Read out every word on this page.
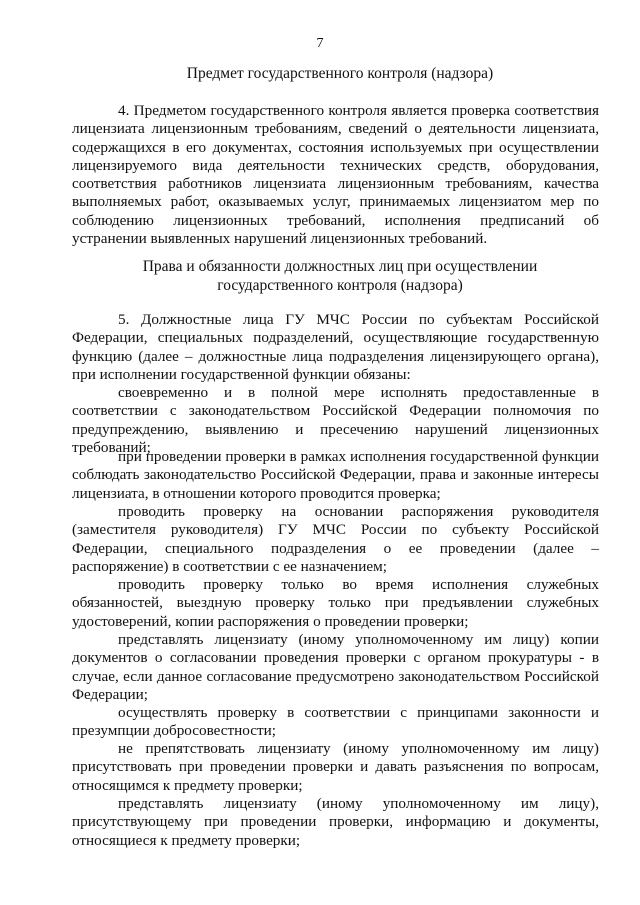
7
Предмет государственного контроля (надзора)
4. Предметом государственного контроля является проверка соответствия лицензиата лицензионным требованиям, сведений о деятельности лицензиата, содержащихся в его документах, состояния используемых при осуществлении лицензируемого вида деятельности технических средств, оборудования, соответствия работников лицензиата лицензионным требованиям, качества выполняемых работ, оказываемых услуг, принимаемых лицензиатом мер по соблюдению лицензионных требований, исполнения предписаний об устранении выявленных нарушений лицензионных требований.
Права и обязанности должностных лиц при осуществлении
государственного контроля (надзора)
5. Должностные лица ГУ МЧС России по субъектам Российской Федерации, специальных подразделений, осуществляющие государственную функцию (далее – должностные лица подразделения лицензирующего органа), при исполнении государственной функции обязаны:
своевременно и в полной мере исполнять предоставленные в соответствии с законодательством Российской Федерации полномочия по предупреждению, выявлению и пресечению нарушений лицензионных требований;
при проведении проверки в рамках исполнения государственной функции соблюдать законодательство Российской Федерации, права и законные интересы лицензиата, в отношении которого проводится проверка;
проводить проверку на основании распоряжения руководителя (заместителя руководителя) ГУ МЧС России по субъекту Российской Федерации, специального подразделения о ее проведении (далее – распоряжение) в соответствии с ее назначением;
проводить проверку только во время исполнения служебных обязанностей, выездную проверку только при предъявлении служебных удостоверений, копии распоряжения о проведении проверки;
представлять лицензиату (иному уполномоченному им лицу) копии документов о согласовании проведения проверки с органом прокуратуры - в случае, если данное согласование предусмотрено законодательством Российской Федерации;
осуществлять проверку в соответствии с принципами законности и презумпции добросовестности;
не препятствовать лицензиату (иному уполномоченному им лицу) присутствовать при проведении проверки и давать разъяснения по вопросам, относящимся к предмету проверки;
представлять лицензиату (иному уполномоченному им лицу), присутствующему при проведении проверки, информацию и документы, относящиеся к предмету проверки;
